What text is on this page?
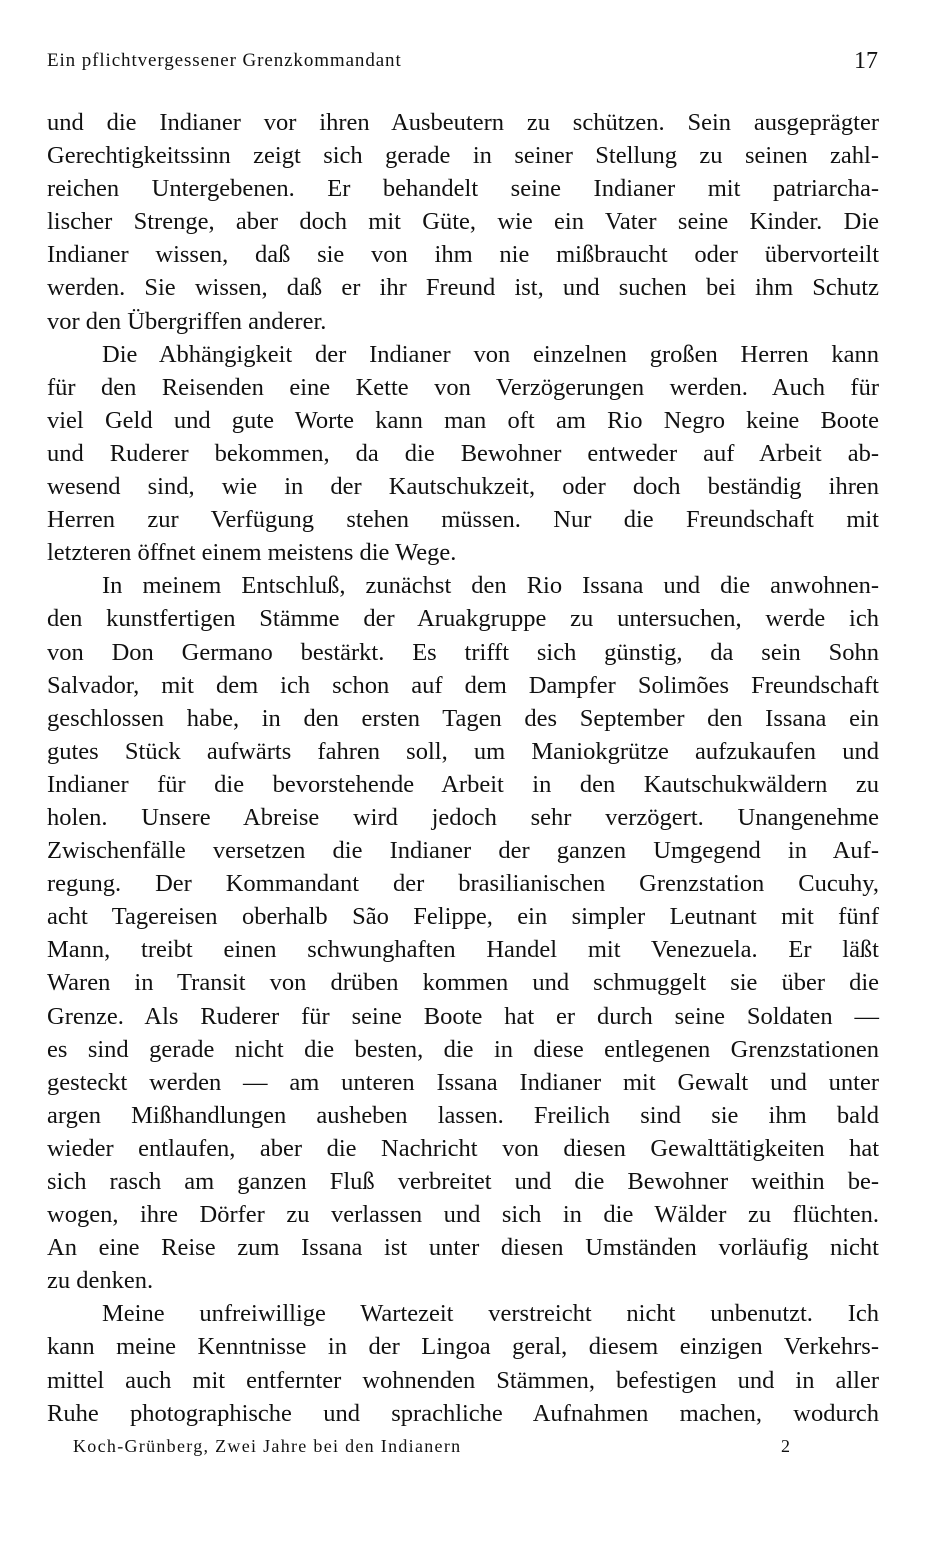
Ein pflichtvergessener Grenzkommandant	17
und die Indianer vor ihren Ausbeutern zu schützen. Sein ausgeprägter
Gerechtigkeitssinn zeigt sich gerade in seiner Stellung zu seinen zahl-
reichen Untergebenen. Er behandelt seine Indianer mit patriarcha-
lischer Strenge, aber doch mit Güte, wie ein Vater seine Kinder. Die
Indianer wissen, daß sie von ihm nie mißbraucht oder übervorteilt
werden. Sie wissen, daß er ihr Freund ist, und suchen bei ihm Schutz
vor den Übergriffen anderer.
Die Abhängigkeit der Indianer von einzelnen großen Herren kann
für den Reisenden eine Kette von Verzögerungen werden. Auch für
viel Geld und gute Worte kann man oft am Rio Negro keine Boote
und Ruderer bekommen, da die Bewohner entweder auf Arbeit ab-
wesend sind, wie in der Kautschukzeit, oder doch beständig ihren
Herren zur Verfügung stehen müssen. Nur die Freundschaft mit
letzteren öffnet einem meistens die Wege.
In meinem Entschluß, zunächst den Rio Issana und die anwohnen-
den kunstfertigen Stämme der Aruakgruppe zu untersuchen, werde ich
von Don Germano bestärkt. Es trifft sich günstig, da sein Sohn
Salvador, mit dem ich schon auf dem Dampfer Solimões Freundschaft
geschlossen habe, in den ersten Tagen des September den Issana ein
gutes Stück aufwärts fahren soll, um Maniokgrütze aufzukaufen und
Indianer für die bevorstehende Arbeit in den Kautschukwäldern zu
holen. Unsere Abreise wird jedoch sehr verzögert. Unangenehme
Zwischenfälle versetzen die Indianer der ganzen Umgegend in Auf-
regung. Der Kommandant der brasilianischen Grenzstation Cucuhy,
acht Tagereisen oberhalb São Felippe, ein simpler Leutnant mit fünf
Mann, treibt einen schwunghaften Handel mit Venezuela. Er läßt
Waren in Transit von drüben kommen und schmuggelt sie über die
Grenze. Als Ruderer für seine Boote hat er durch seine Soldaten —
es sind gerade nicht die besten, die in diese entlegenen Grenzstationen
gesteckt werden — am unteren Issana Indianer mit Gewalt und unter
argen Mißhandlungen ausheben lassen. Freilich sind sie ihm bald
wieder entlaufen, aber die Nachricht von diesen Gewalttätigkeiten hat
sich rasch am ganzen Fluß verbreitet und die Bewohner weithin be-
wogen, ihre Dörfer zu verlassen und sich in die Wälder zu flüchten.
An eine Reise zum Issana ist unter diesen Umständen vorläufig nicht
zu denken.
Meine unfreiwillige Wartezeit verstreicht nicht unbenutzt. Ich
kann meine Kenntnisse in der Lingoa geral, diesem einzigen Verkehrs-
mittel auch mit entfernter wohnenden Stämmen, befestigen und in aller
Ruhe photographische und sprachliche Aufnahmen machen, wodurch
Koch-Grünberg, Zwei Jahre bei den Indianern	2
